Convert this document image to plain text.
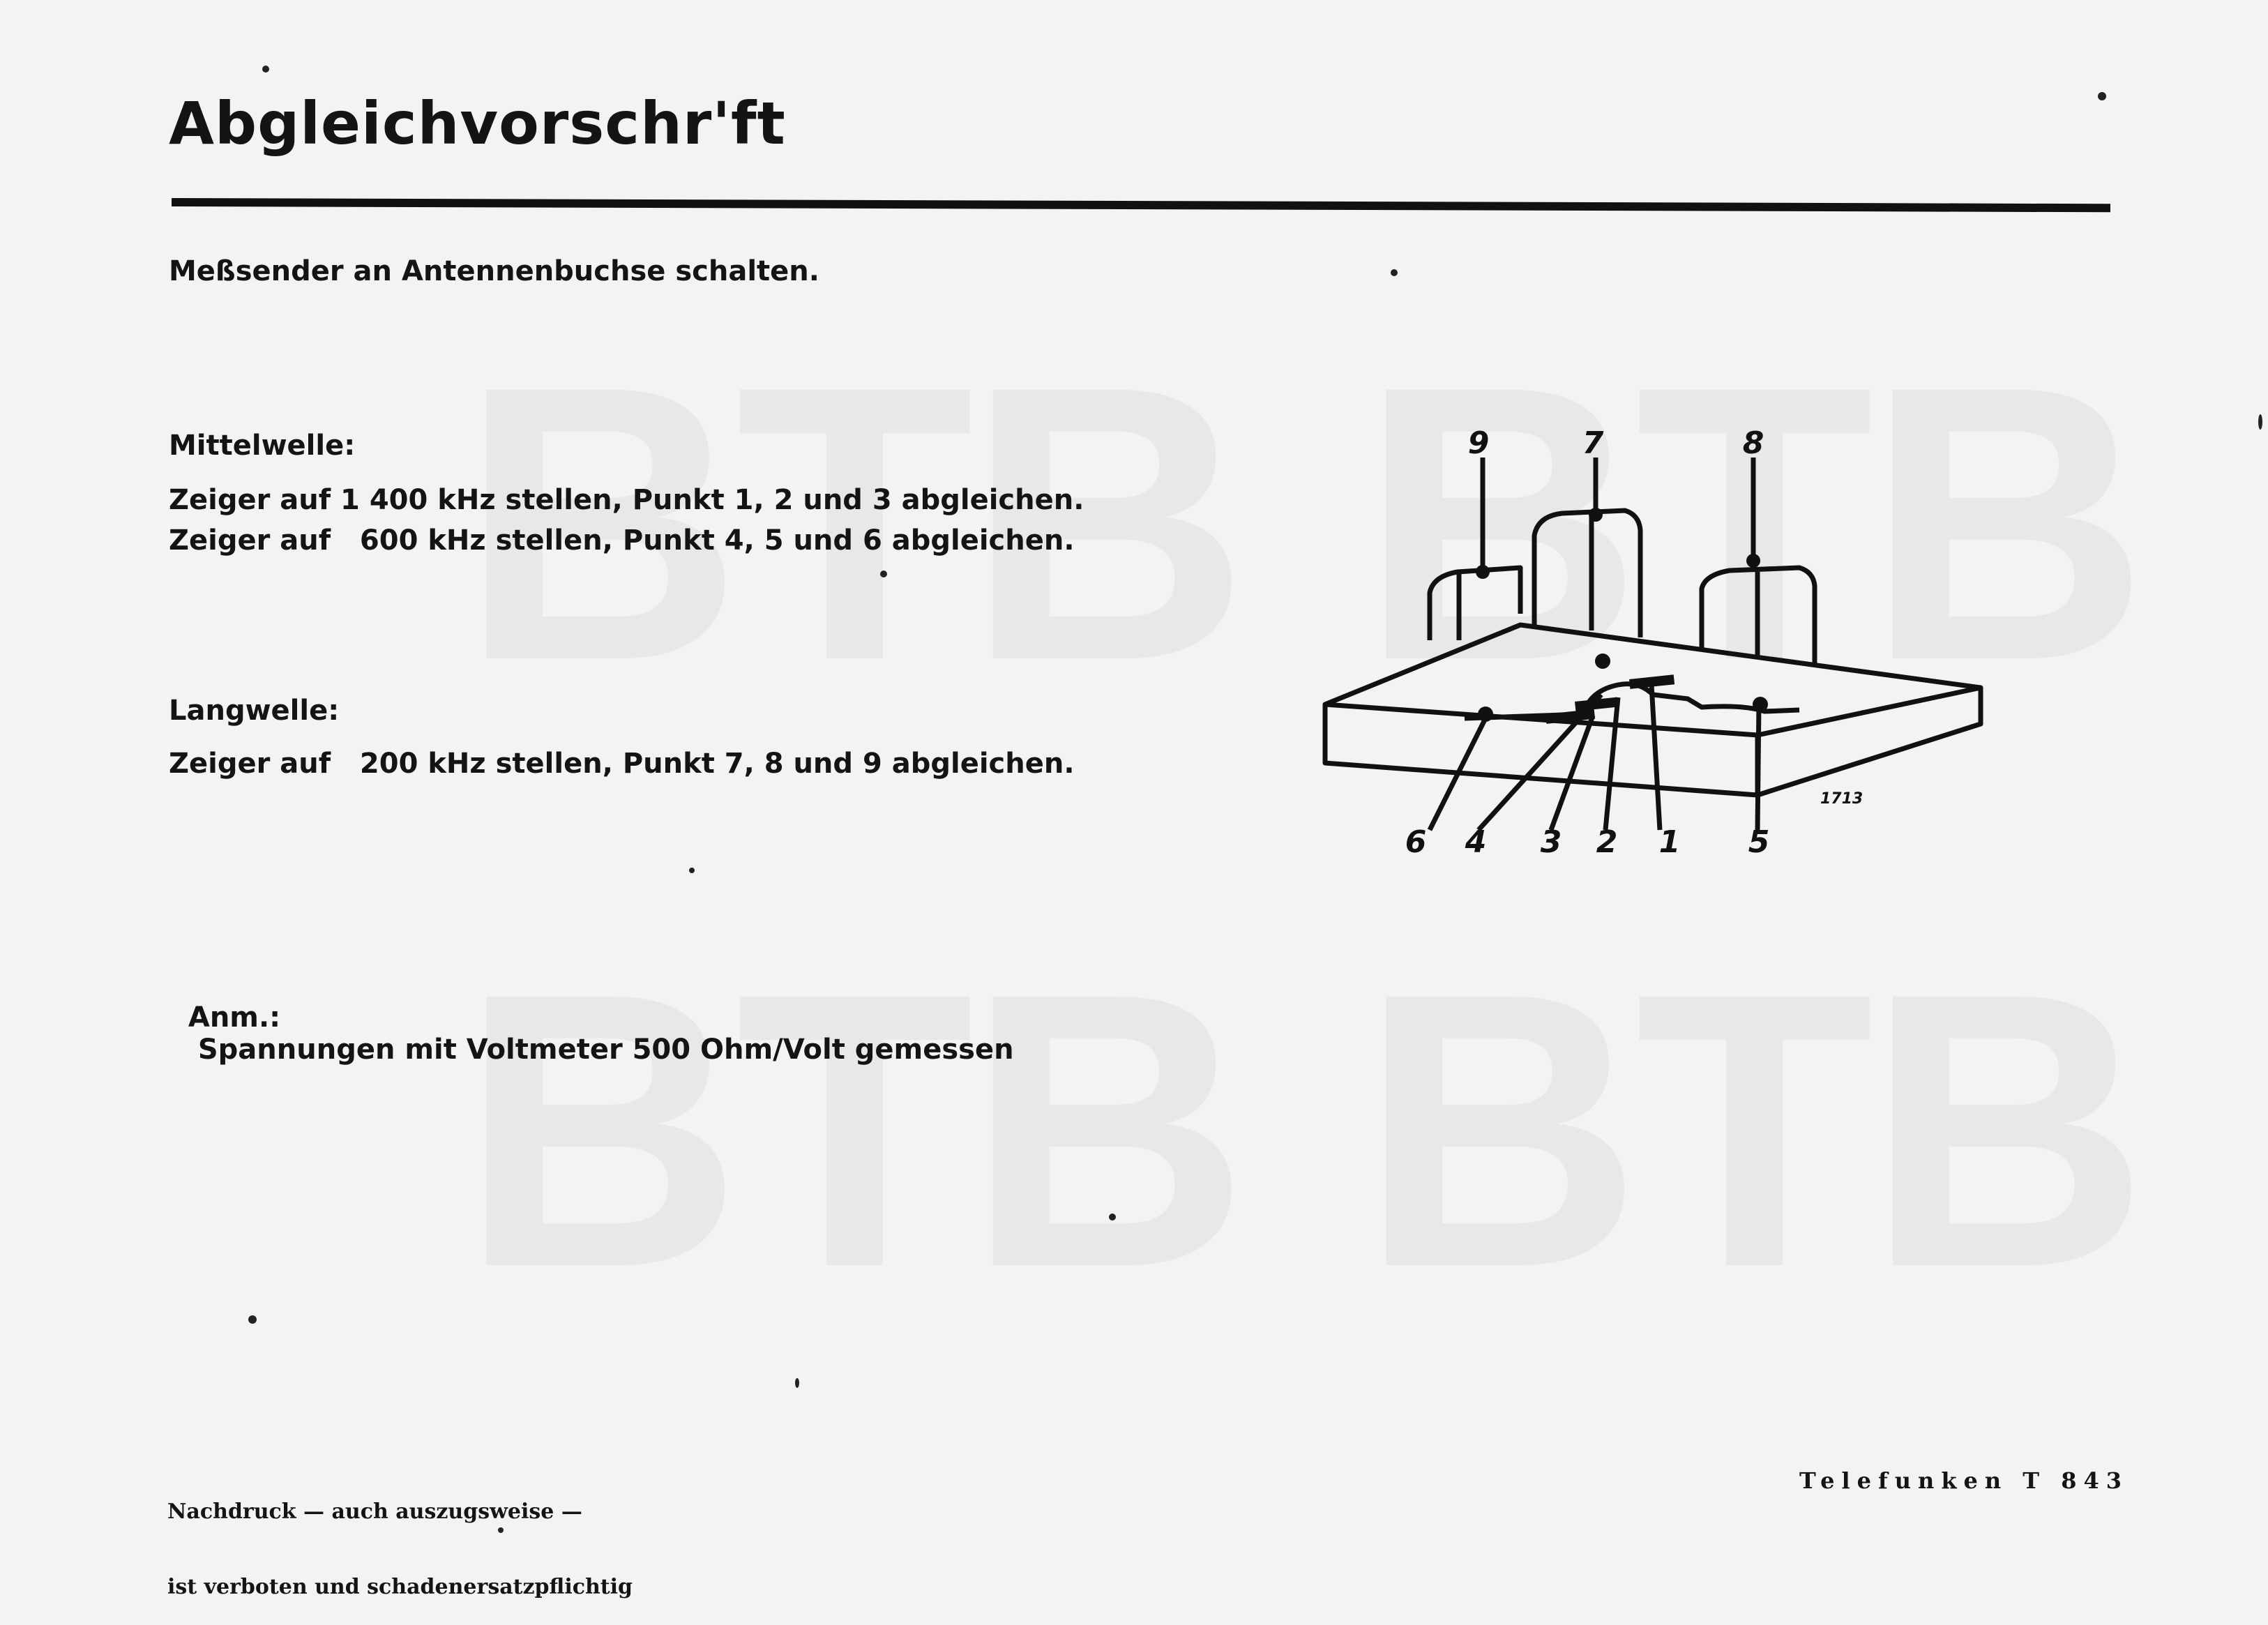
Abgleichvorschr'ft
Meßsender an Antennenbuchse schalten.
Mittelwelle:
Zeiger auf 1 400 kHz stellen, Punkt 1, 2 und 3 abgleichen.
Zeiger auf   600 kHz stellen, Punkt 4, 5 und 6 abgleichen.
Langwelle:
Zeiger auf   200 kHz stellen, Punkt 7, 8 und 9 abgleichen.

Anm.:
Spannungen mit Voltmeter 500 Ohm/Volt gemessen

Nachdruck — auch auszugsweise —

ist verboten und schadenersatzpflichtig

Telefunken T 843
9	7	8
6 4 3 2 1 5
1713
